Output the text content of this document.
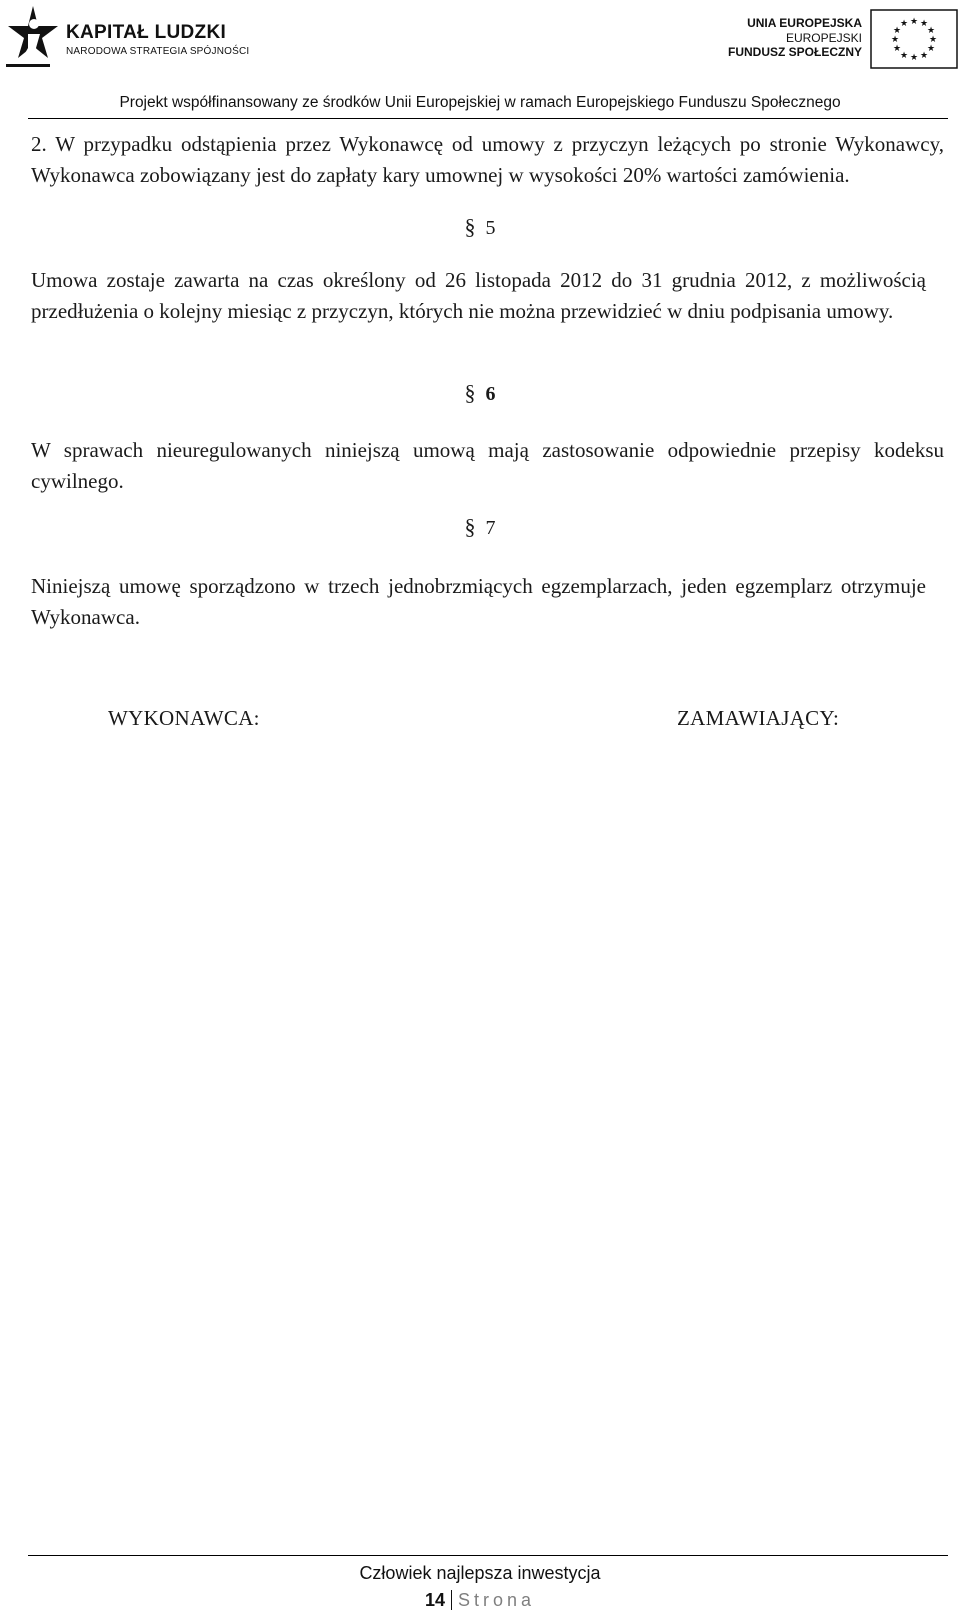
KAPITAŁ LUDZKI
NARODOWA STRATEGIA SPÓJNOŚCI
UNIA EUROPEJSKA
EUROPEJSKI
FUNDUSZ SPOŁECZNY
★ ★
★
★
★
★
★
★
★
★
★
★
Projekt współfinansowany ze środków Unii Europejskiej w ramach Europejskiego Funduszu Społecznego
2. W przypadku odstąpienia przez Wykonawcę od umowy z przyczyn leżących po stronie Wykonawcy, Wykonawca zobowiązany jest do zapłaty kary umownej w wysokości 20% wartości zamówienia.
§ 5
Umowa zostaje zawarta na czas określony od 26 listopada 2012 do 31 grudnia 2012, z możliwością przedłużenia o kolejny miesiąc z przyczyn, których nie można przewidzieć w dniu podpisania umowy.
§ 6
W sprawach nieuregulowanych niniejszą umową mają zastosowanie odpowiednie przepisy kodeksu cywilnego.
§ 7
Niniejszą umowę sporządzono w trzech jednobrzmiących egzemplarzach, jeden egzemplarz otrzymuje Wykonawca.
WYKONAWCA:	ZAMAWIAJĄCY:
Człowiek najlepsza inwestycja
14 Strona
